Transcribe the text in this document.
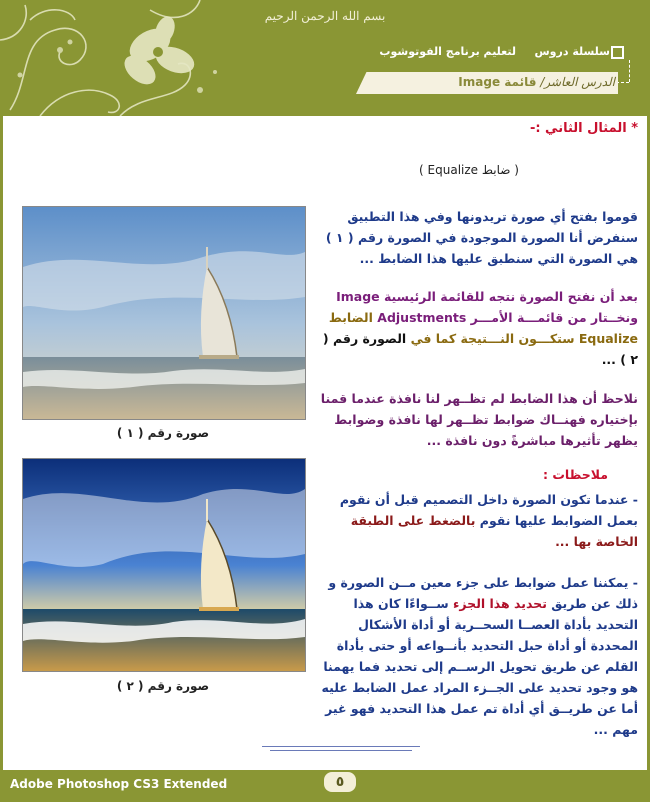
بسم الله الرحمن الرحيم
سلسلة دروس
لتعليم برنامج الفوتوشوب
الدرس العاشر/ قائمة Image
* المثال الثاني :-
( ضابط Equalize )
قوموا بفتح أي صورة تريدونها وفي هذا التطبيق سنفرض أنا الصورة الموجودة في الصورة رقم ( ١ ) هي الصورة التي سنطبق عليها هذا الضابط ...
بعد أن نفتح الصورة نتجه للقائمة الرئيسية Image ونخــتار من قائمـــة الأمـــر Adjustments الضابط Equalize ستكـــون النـــتيجة كما في الصورة رقم ( ٢ ) ...
نلاحظ أن هذا الضابط لم تظــهر لنا نافذة عندما قمنا بإختياره فهنــاك ضوابط تظــهر لها نافذة وضوابط يظهر تأثيرها مباشرةً دون نافذة ...
ملاحظات :
- عندما تكون الصورة داخل التصميم قبل أن نقوم بعمل الضوابط عليها نقوم بالضغط على الطبقة الخاصة بها ...
- يمكننا عمل ضوابط على جزء معين مــن الصورة و ذلك عن طريق تحديد هذا الجزء ســواءًا كان هذا التحديد بأداة العصــا السحــرية أو أداة الأشكال المحددة أو أداة حبل التحديد بأنــواعه أو حتى بأداة القلم عن طريق تحويل الرســم إلى تحديد فما يهمنا هو وجود تحديد على الجــزء المراد عمل الضابط عليه أما عن طريــق أي أداة تم عمل هذا التحديد فهو غير مهم ...
صورة رقم ( ١ )
صورة رقم ( ٢ )
Adobe Photoshop CS3 Extended	٥
